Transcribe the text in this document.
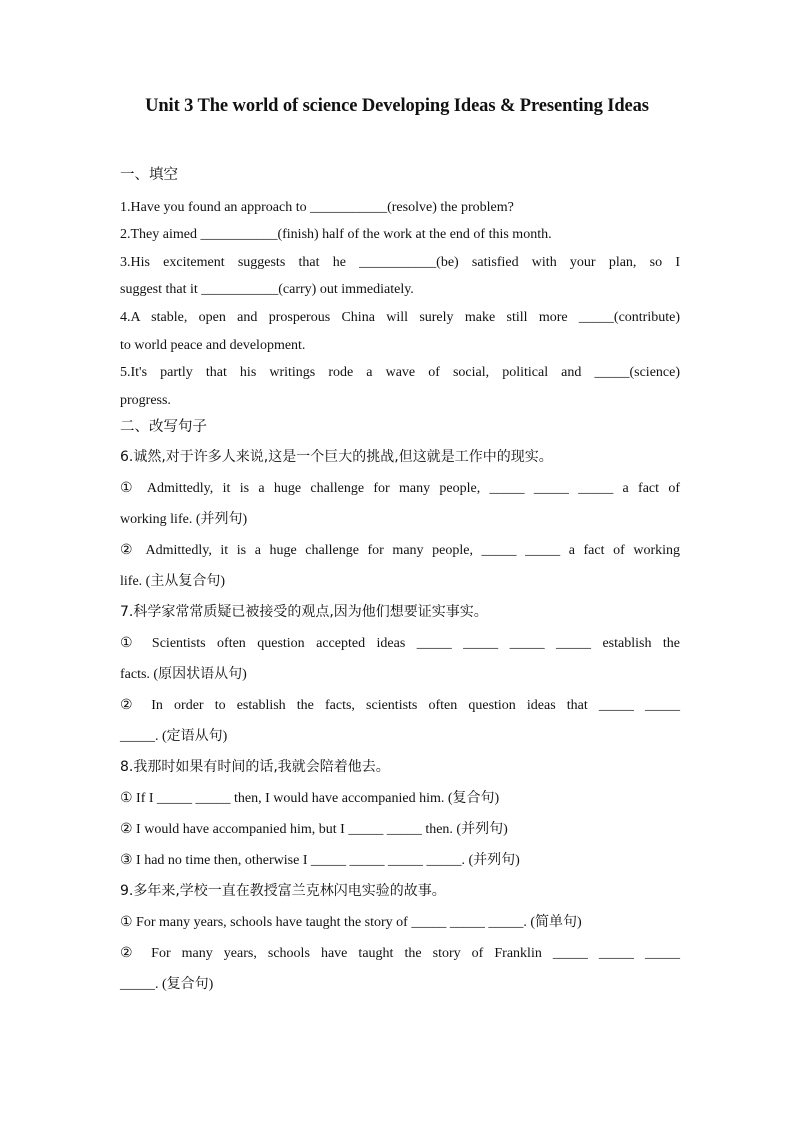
Unit 3 The world of science Developing Ideas & Presenting Ideas
一、填空
1.Have you found an approach to ___________(resolve) the problem?
2.They aimed ___________(finish) half of the work at the end of this month.
3.His excitement suggests that he ___________(be) satisfied with your plan, so I
suggest that it ___________(carry) out immediately.
4.A stable, open and prosperous China will surely make still more _____(contribute)
to world peace and development.
5.It's partly that his writings rode a wave of social, political and _____(science)
progress.
二、改写句子
6.诚然,对于许多人来说,这是一个巨大的挑战,但这就是工作中的现实。
① Admittedly, it is a huge challenge for many people, _____ _____ _____ a fact of
working life. (并列句)
② Admittedly, it is a huge challenge for many people, _____ _____ a fact of working
life. (主从复合句)
7.科学家常常质疑已被接受的观点,因为他们想要证实事实。
① Scientists often question accepted ideas _____ _____ _____ _____ establish the
facts. (原因状语从句)
② In order to establish the facts, scientists often question ideas that _____ _____
_____. (定语从句)
8.我那时如果有时间的话,我就会陪着他去。
① If I _____ _____ then, I would have accompanied him. (复合句)
② I would have accompanied him, but I _____ _____ then. (并列句)
③ I had no time then, otherwise I _____ _____ _____ _____. (并列句)
9.多年来,学校一直在教授富兰克林闪电实验的故事。
① For many years, schools have taught the story of _____ _____ _____. (简单句)
② For many years, schools have taught the story of Franklin _____ _____ _____
_____. (复合句)
